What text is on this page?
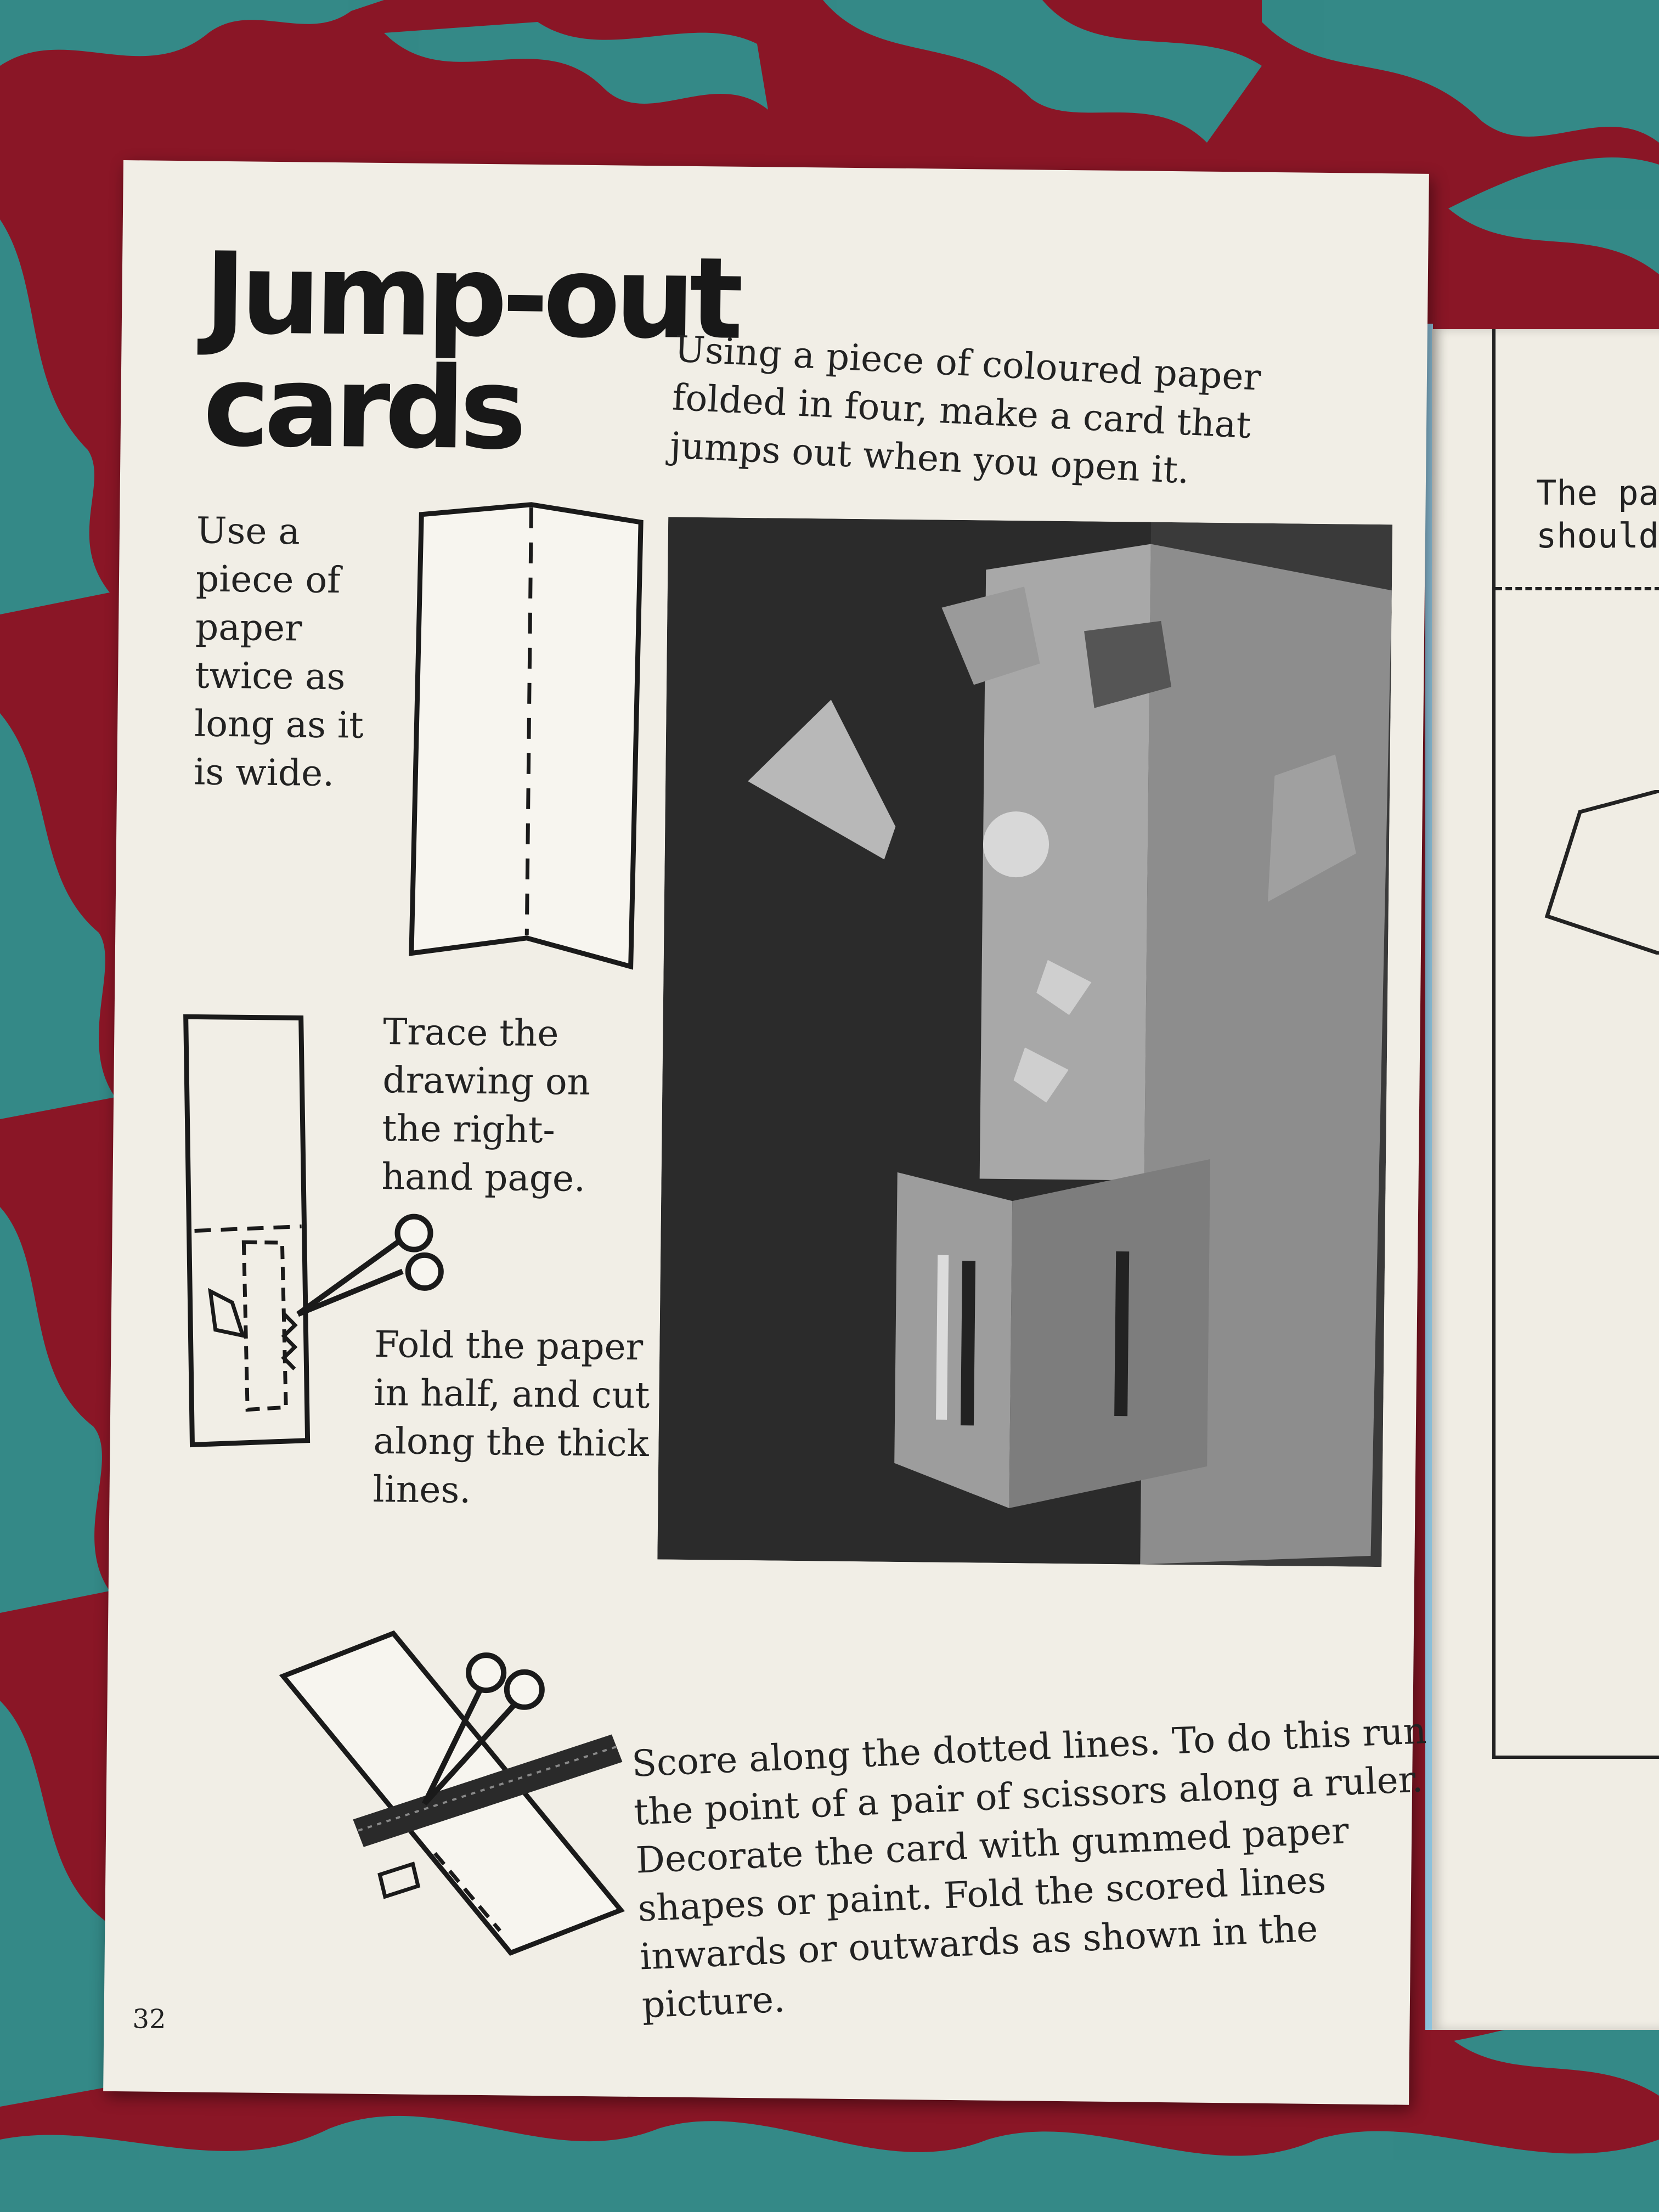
The pa
should
Jump-out
cards	Using a piece of coloured paper folded in four, make a card that jumps out when you open it.
Use a piece of paper twice as long as it is wide.
Trace the drawing on the right-hand page.
Fold the paper in half, and cut along the thick lines.
Score along the dotted lines. To do this run the point of a pair of scissors along a ruler. Decorate the card with gummed paper shapes or paint. Fold the scored lines inwards or outwards as shown in the picture.
32
